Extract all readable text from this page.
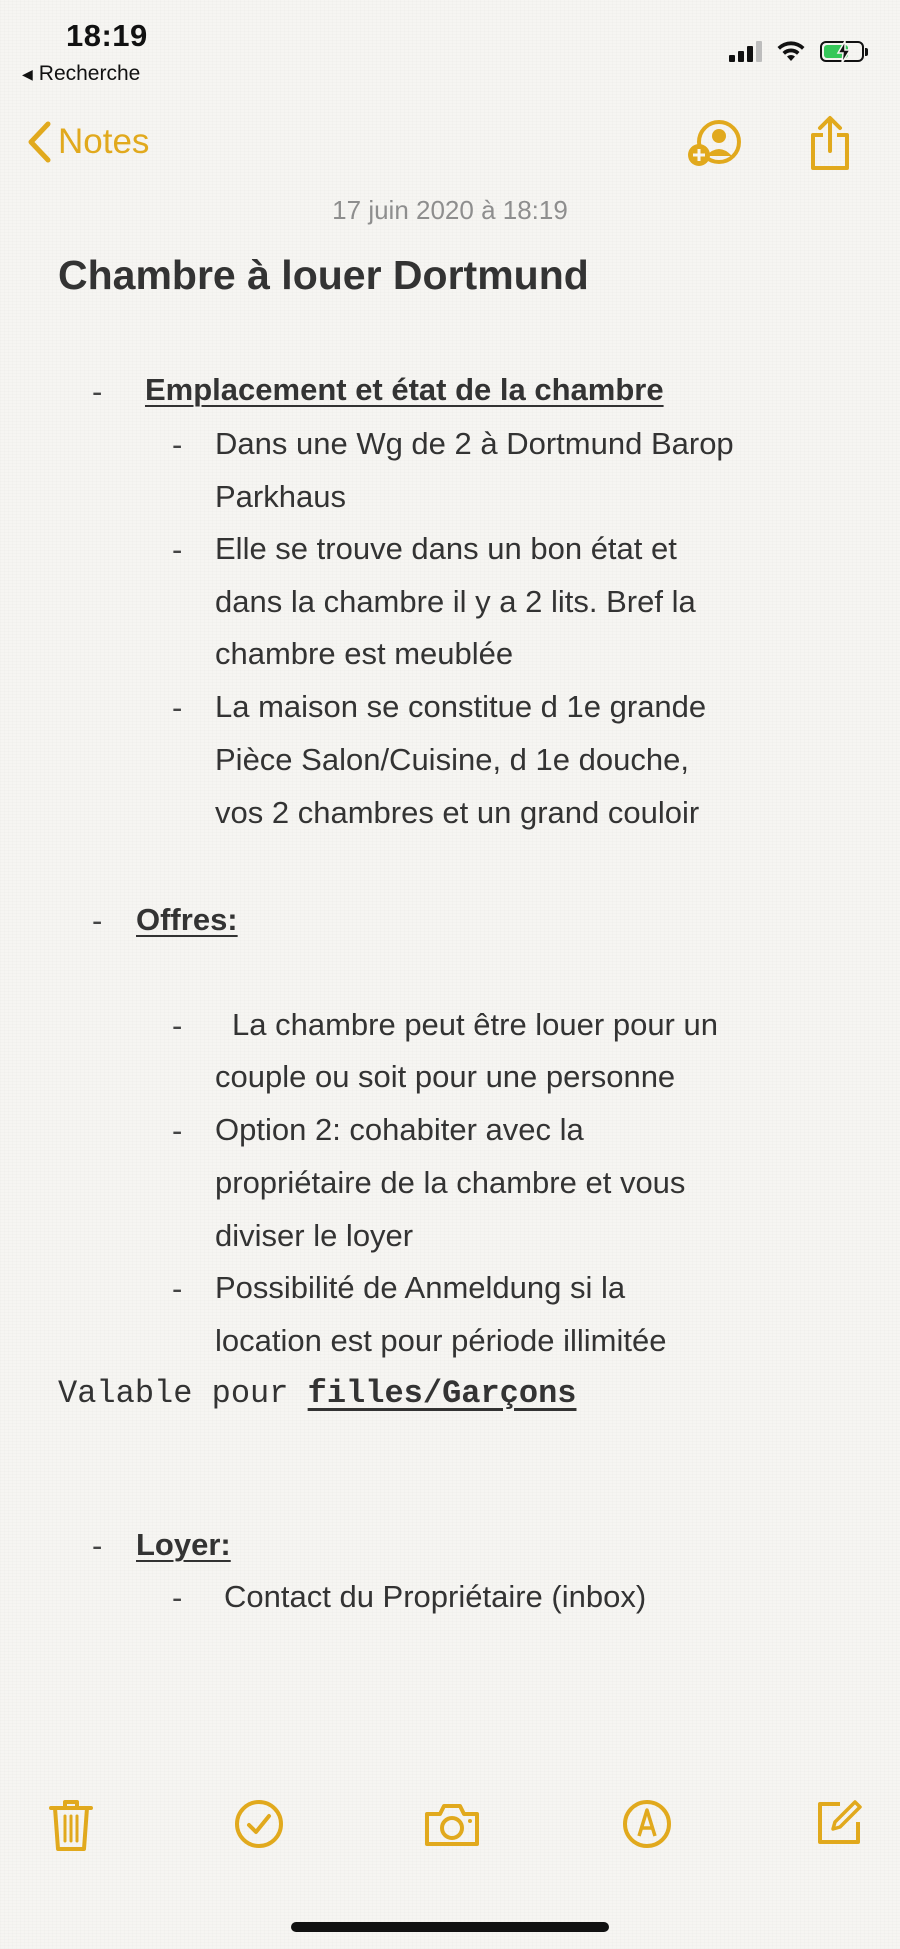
18:19
◀ Recherche
Notes
17 juin 2020 à 18:19
Chambre à louer Dortmund
- Emplacement et état de la chambre
- Dans une Wg de 2 à Dortmund Barop
Parkhaus
- Elle se trouve dans un bon état et
dans la chambre il y a 2 lits. Bref la
chambre est meublée
- La maison se constitue d 1e grande
Pièce Salon/Cuisine, d 1e douche,
vos 2 chambres et un grand couloir
- Offres:
- La chambre peut être louer pour un
couple ou soit pour une personne
- Option 2: cohabiter avec la
propriétaire de la chambre et vous
diviser le loyer
- Possibilité de Anmeldung si la
location est pour période illimitée
Valable pour filles/Garçons
- Loyer:
- Contact du Propriétaire (inbox)
